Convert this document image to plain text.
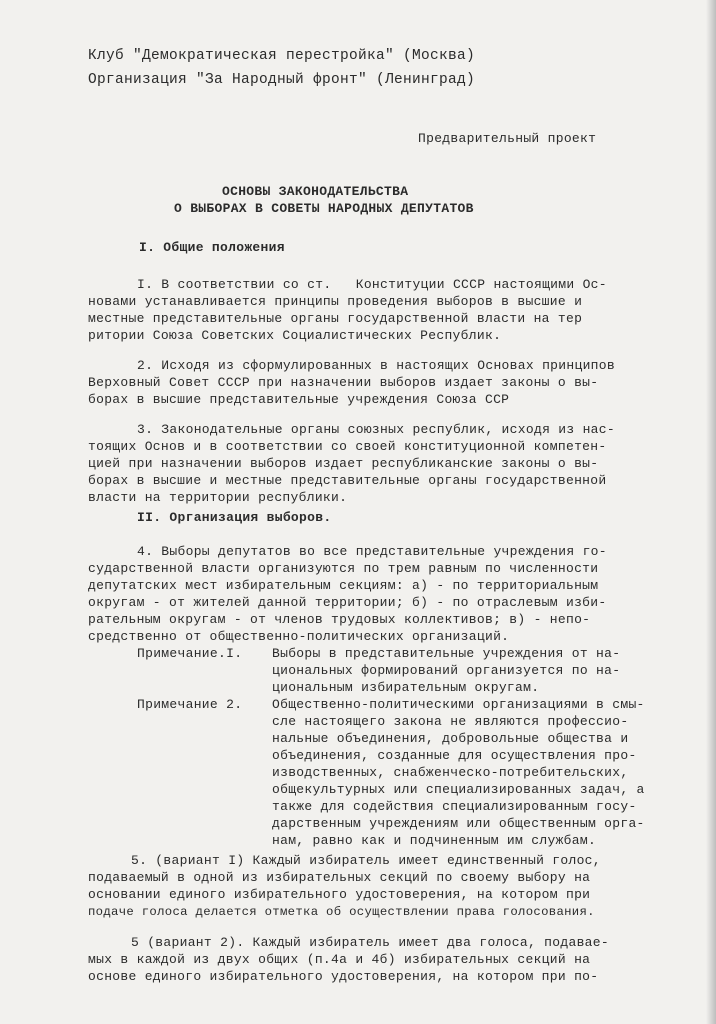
Клуб "Демократическая перестройка" (Москва)

Организация "За Народный фронт" (Ленинград)

Предварительный проект

ОСНОВЫ ЗАКОНОДАТЕЛЬСТВА

О ВЫБОРАХ В СОВЕТЫ НАРОДНЫХ ДЕПУТАТОВ

I. Общие положения

I. В соответствии со ст.   Конституции СССР настоящими Ос-

новами устанавливается принципы проведения выборов в высшие и

местные представительные органы государственной власти на тер

ритории Союза Советских Социалистических Республик.

2. Исходя из сформулированных в настоящих Основах принципов

Верховный Совет СССР при назначении выборов издает законы о вы-

борах в высшие представительные учреждения Союза ССР

3. Законодательные органы союзных республик, исходя из нас-

тоящих Основ и в соответствии со своей конституционной компетен-

цией при назначении выборов издает республиканские законы о вы-

борах в высшие и местные представительные органы государственной

власти на территории республики.

II. Организация выборов.

4. Выборы депутатов во все представительные учреждения го-

сударственной власти организуются по трем равным по численности

депутатских мест избирательным секциям: а) - по территориальным

округам - от жителей данной территории; б) - по отраслевым изби-

рательным округам - от членов трудовых коллективов; в) - непо-

средственно от общественно-политических организаций.

Примечание.I. Выборы в представительные учреждения от на-

циональных формирований организуется по на-

циональным избирательным округам.

Примечание 2. Общественно-политическими организациями в смы-

сле настоящего закона не являются профессио-

нальные объединения, добровольные общества и

объединения, созданные для осуществления про-

изводственных, снабженческо-потребительских,

общекультурных или специализированных задач, а

также для содействия специализированным госу-

дарственным учреждениям или общественным орга-

нам, равно как и подчиненным им службам.

5. (вариант I) Каждый избиратель имеет единственный голос,

подаваемый в одной из избирательных секций по своему выбору на

основании единого избирательного удостоверения, на котором при

подаче голоса делается отметка об осуществлении права голосования.

5 (вариант 2). Каждый избиратель имеет два голоса, подавае-

мых в каждой из двух общих (п.4а и 4б) избирательных секций на

основе единого избирательного удостоверения, на котором при по-
